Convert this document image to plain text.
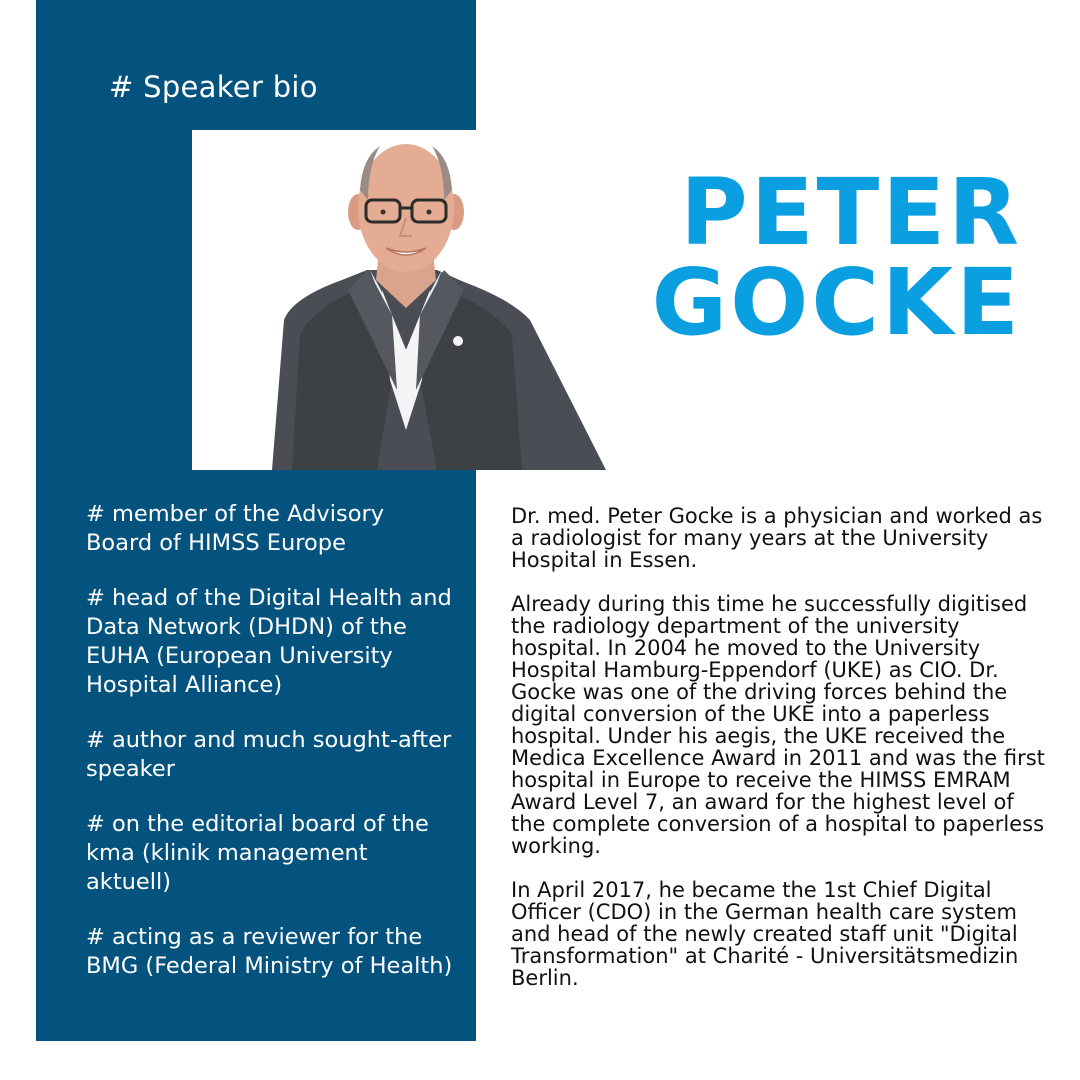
# Speaker bio
PETER
GOCKE
# member of the Advisory Board of HIMSS Europe
# head of the Digital Health and Data Network (DHDN) of the EUHA (European University Hospital Alliance)
# author and much sought-after speaker
# on the editorial board of the kma (klinik management aktuell)
# acting as a reviewer for the BMG (Federal Ministry of Health)

Dr. med. Peter Gocke is a physician and worked as a radiologist for many years at the University Hospital in Essen.

Already during this time he successfully digitised the radiology department of the university hospital. In 2004 he moved to the University Hospital Hamburg-Eppendorf (UKE) as CIO. Dr. Gocke was one of the driving forces behind the digital conversion of the UKE into a paperless hospital. Under his aegis, the UKE received the Medica Excellence Award in 2011 and was the first hospital in Europe to receive the HIMSS EMRAM Award Level 7, an award for the highest level of the complete conversion of a hospital to paperless working.

In April 2017, he became the 1st Chief Digital Officer (CDO) in the German health care system and head of the newly created staff unit "Digital Transformation" at Charité - Universitätsmedizin Berlin.
